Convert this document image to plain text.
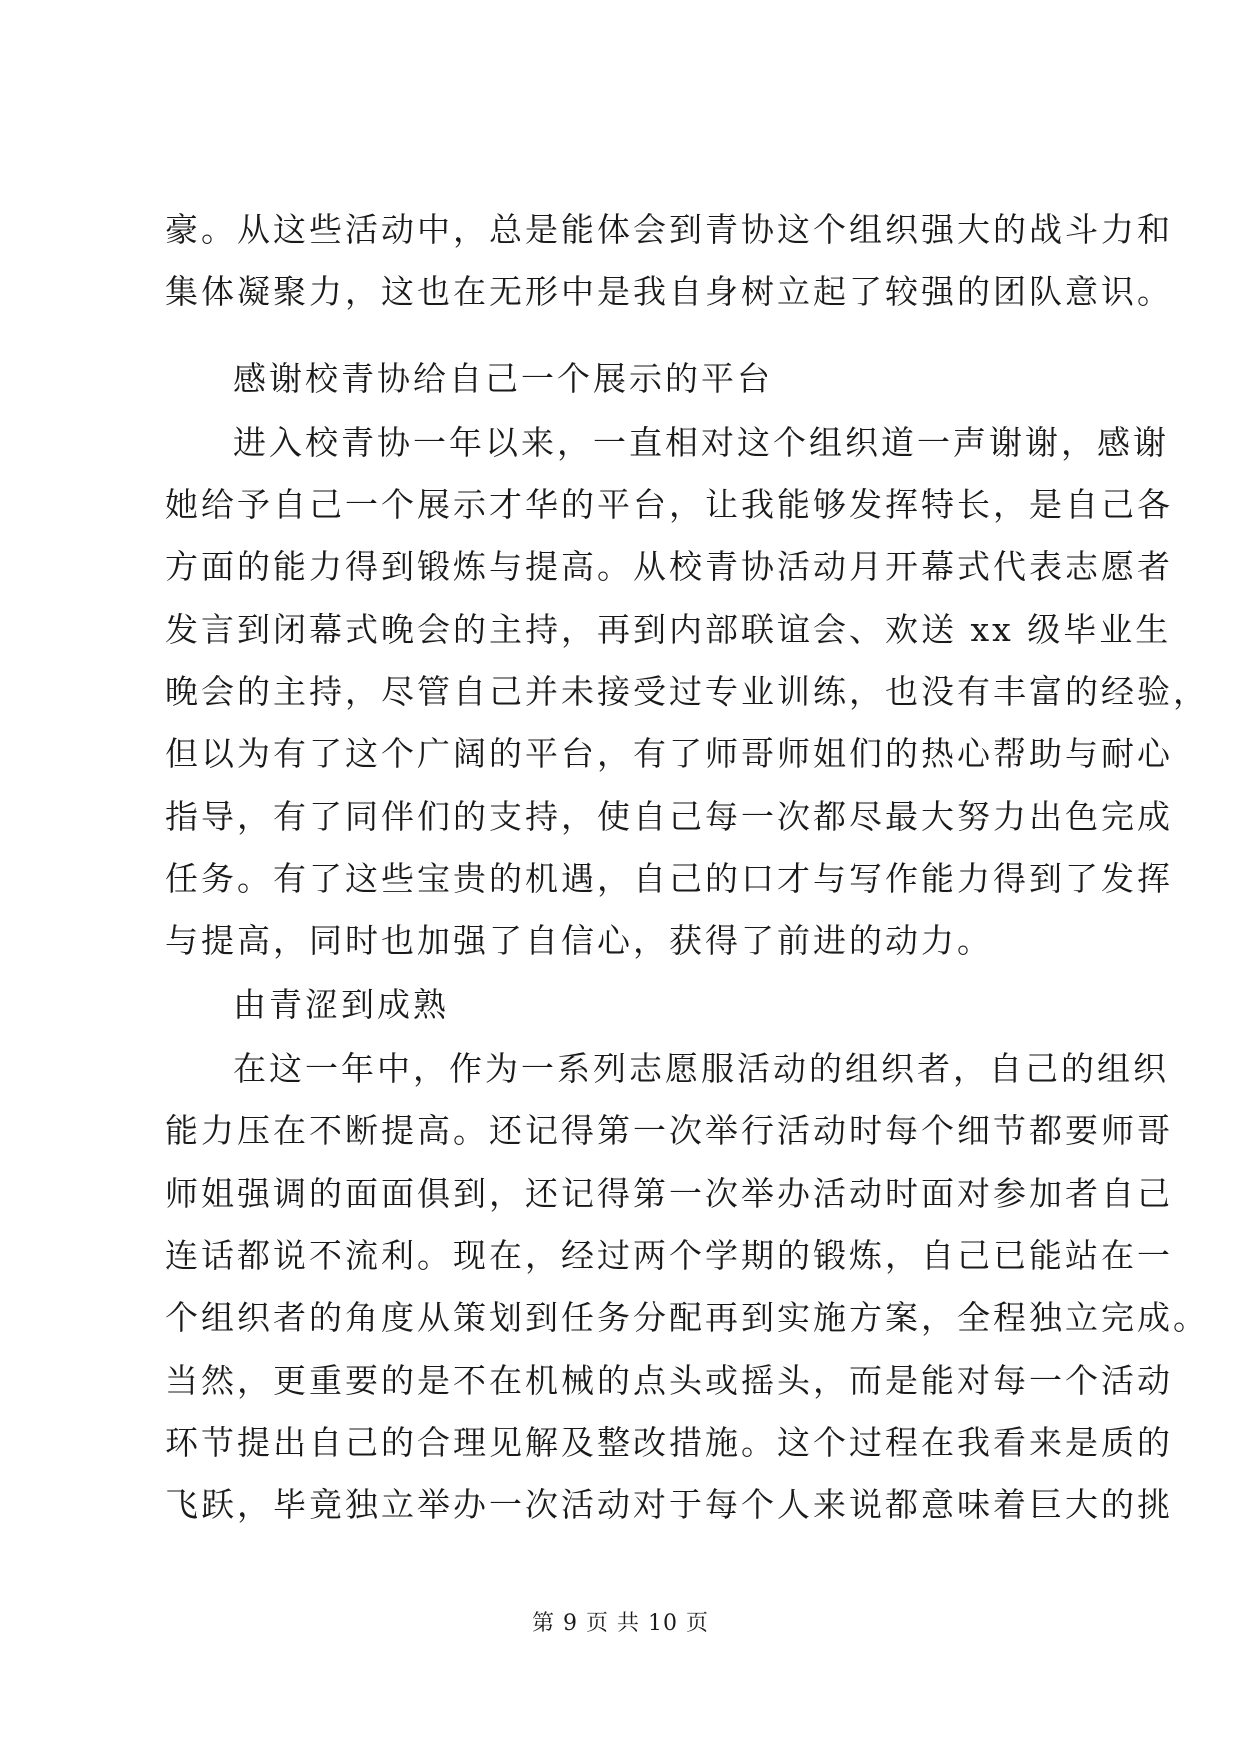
豪。从这些活动中，总是能体会到青协这个组织强大的战斗力和
集体凝聚力，这也在无形中是我自身树立起了较强的团队意识。
感谢校青协给自己一个展示的平台
进入校青协一年以来，一直相对这个组织道一声谢谢，感谢
她给予自己一个展示才华的平台，让我能够发挥特长，是自己各
方面的能力得到锻炼与提高。从校青协活动月开幕式代表志愿者
发言到闭幕式晚会的主持，再到内部联谊会、欢送 xx 级毕业生
晚会的主持，尽管自己并未接受过专业训练，也没有丰富的经验，
但以为有了这个广阔的平台，有了师哥师姐们的热心帮助与耐心
指导，有了同伴们的支持，使自己每一次都尽最大努力出色完成
任务。有了这些宝贵的机遇，自己的口才与写作能力得到了发挥
与提高，同时也加强了自信心，获得了前进的动力。
由青涩到成熟
在这一年中，作为一系列志愿服活动的组织者，自己的组织
能力压在不断提高。还记得第一次举行活动时每个细节都要师哥
师姐强调的面面俱到，还记得第一次举办活动时面对参加者自己
连话都说不流利。现在，经过两个学期的锻炼，自己已能站在一
个组织者的角度从策划到任务分配再到实施方案，全程独立完成。
当然，更重要的是不在机械的点头或摇头，而是能对每一个活动
环节提出自己的合理见解及整改措施。这个过程在我看来是质的
飞跃，毕竟独立举办一次活动对于每个人来说都意味着巨大的挑
第 9 页 共 10 页
